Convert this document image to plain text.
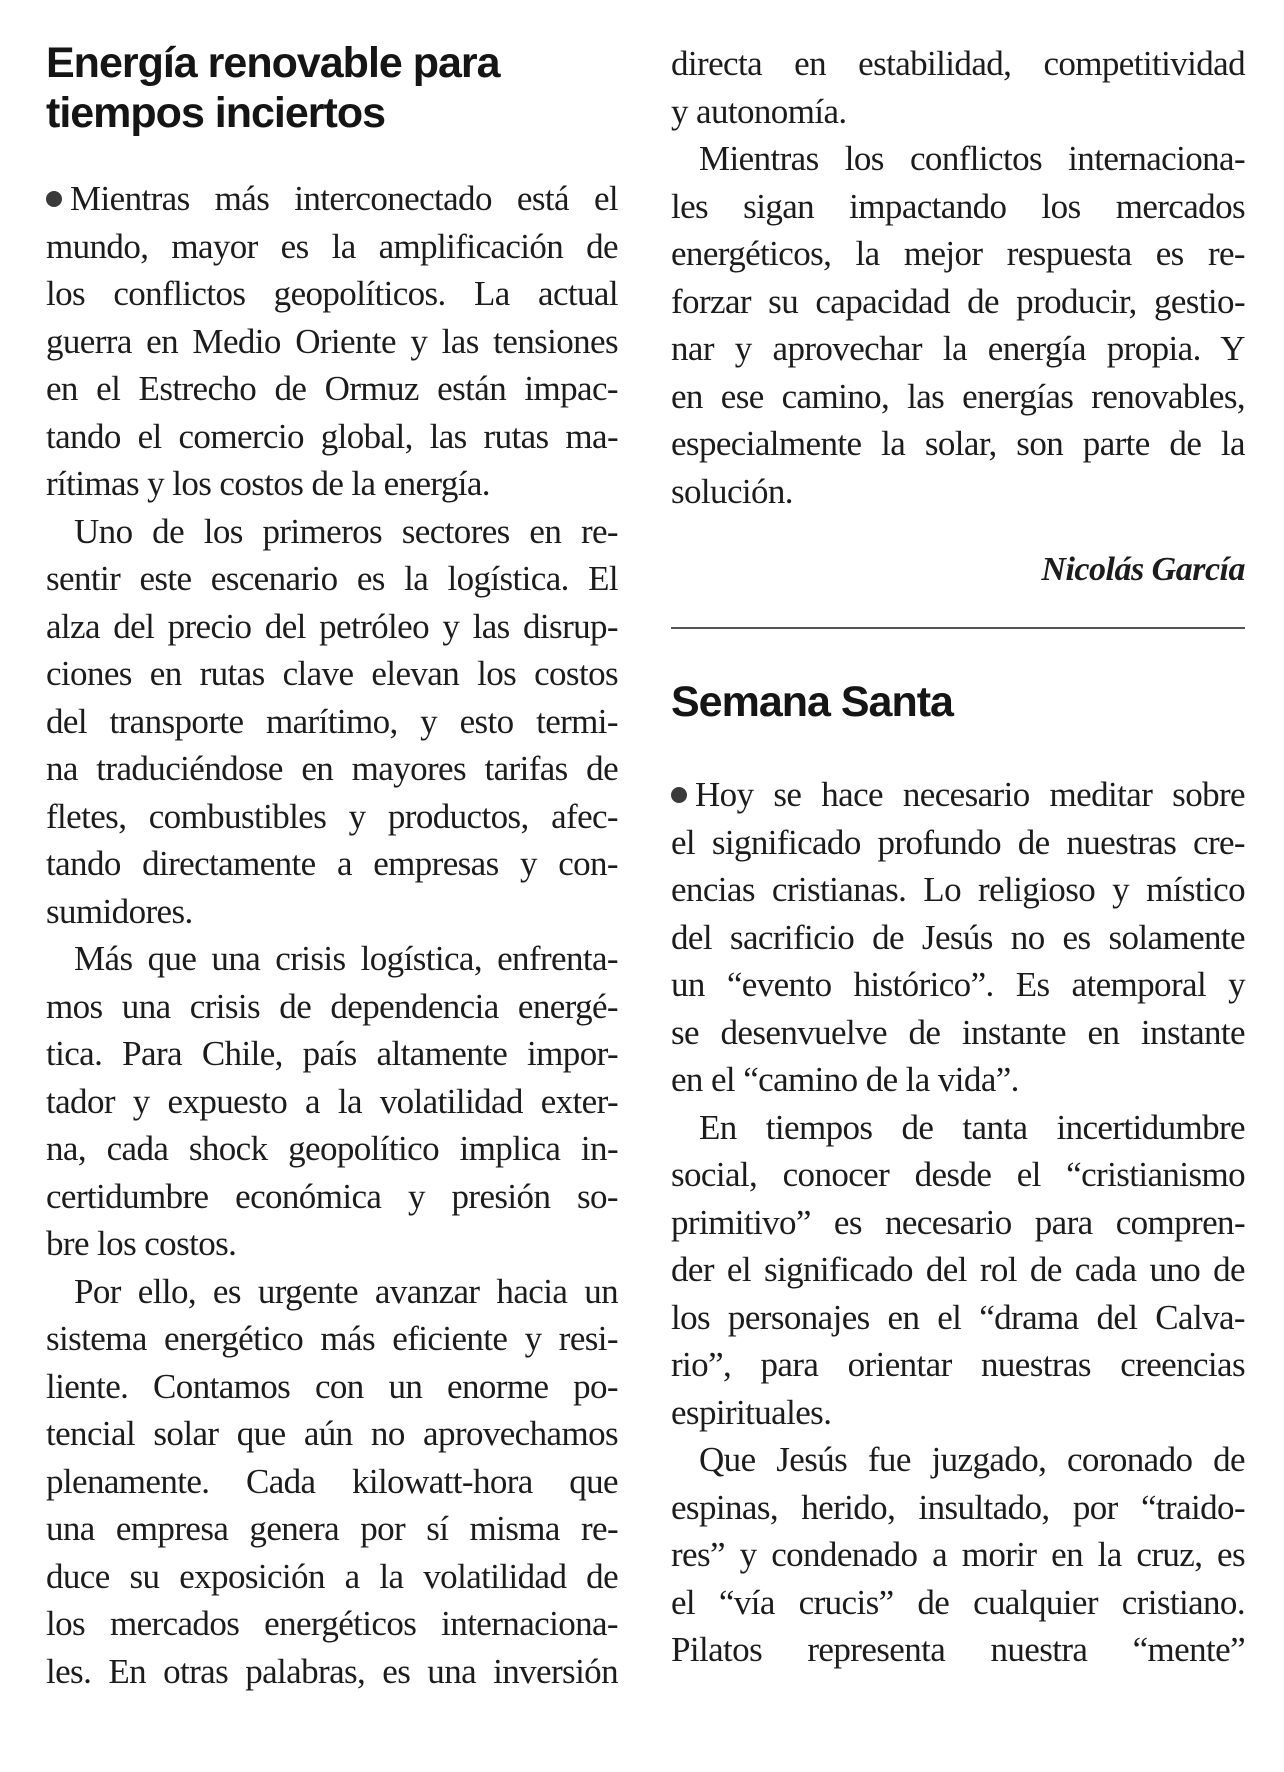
Energía renovable para
tiempos inciertos
Mientras más interconectado está el
mundo, mayor es la amplificación de
los conflictos geopolíticos. La actual
guerra en Medio Oriente y las tensiones
en el Estrecho de Ormuz están impac-
tando el comercio global, las rutas ma-
rítimas y los costos de la energía.
Uno de los primeros sectores en re-
sentir este escenario es la logística. El
alza del precio del petróleo y las disrup-
ciones en rutas clave elevan los costos
del transporte marítimo, y esto termi-
na traduciéndose en mayores tarifas de
fletes, combustibles y productos, afec-
tando directamente a empresas y con-
sumidores.
Más que una crisis logística, enfrenta-
mos una crisis de dependencia energé-
tica. Para Chile, país altamente impor-
tador y expuesto a la volatilidad exter-
na, cada shock geopolítico implica in-
certidumbre económica y presión so-
bre los costos.
Por ello, es urgente avanzar hacia un
sistema energético más eficiente y resi-
liente. Contamos con un enorme po-
tencial solar que aún no aprovechamos
plenamente. Cada kilowatt-hora que
una empresa genera por sí misma re-
duce su exposición a la volatilidad de
los mercados energéticos internaciona-
les. En otras palabras, es una inversión
directa en estabilidad, competitividad
y autonomía.
Mientras los conflictos internaciona-
les sigan impactando los mercados
energéticos, la mejor respuesta es re-
forzar su capacidad de producir, gestio-
nar y aprovechar la energía propia. Y
en ese camino, las energías renovables,
especialmente la solar, son parte de la
solución.
Nicolás García
Semana Santa
Hoy se hace necesario meditar sobre
el significado profundo de nuestras cre-
encias cristianas. Lo religioso y místico
del sacrificio de Jesús no es solamente
un “evento histórico”. Es atemporal y
se desenvuelve de instante en instante
en el “camino de la vida”.
En tiempos de tanta incertidumbre
social, conocer desde el “cristianismo
primitivo” es necesario para compren-
der el significado del rol de cada uno de
los personajes en el “drama del Calva-
rio”, para orientar nuestras creencias
espirituales.
Que Jesús fue juzgado, coronado de
espinas, herido, insultado, por “traido-
res” y condenado a morir en la cruz, es
el “vía crucis” de cualquier cristiano.
Pilatos representa nuestra “mente”
